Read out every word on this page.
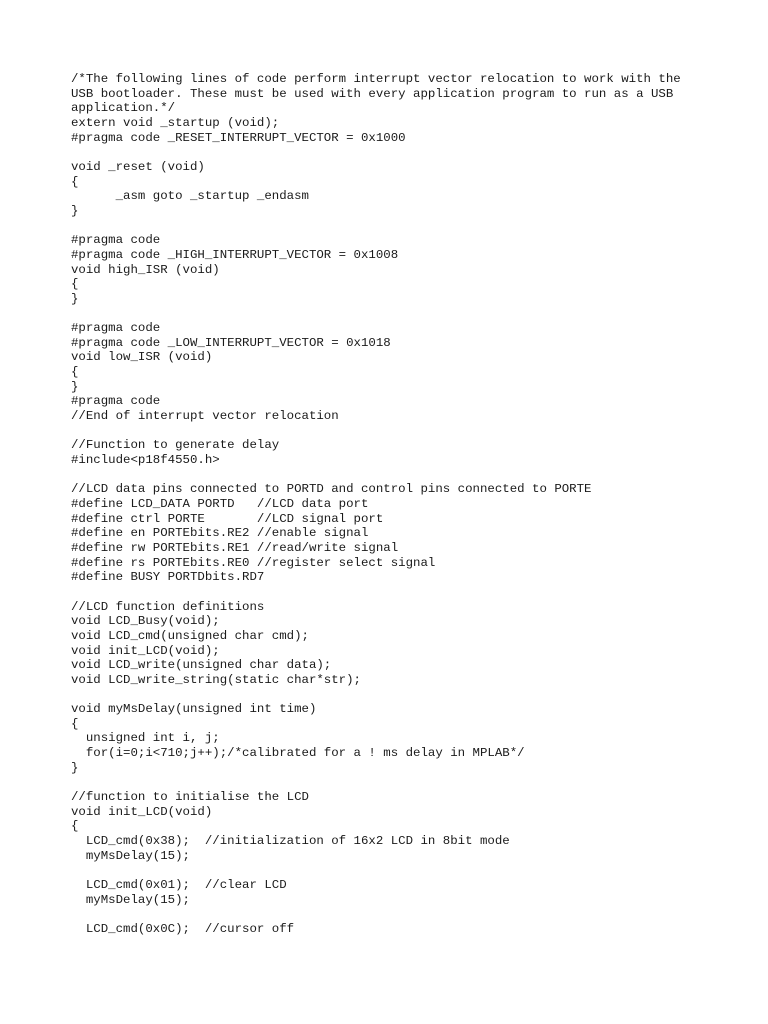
/*The following lines of code perform interrupt vector relocation to work with the
USB bootloader. These must be used with every application program to run as a USB
application.*/
extern void _startup (void);
#pragma code _RESET_INTERRUPT_VECTOR = 0x1000
void _reset (void)
{
_asm goto _startup _endasm
}
#pragma code
#pragma code _HIGH_INTERRUPT_VECTOR = 0x1008
void high_ISR (void)
{
}
#pragma code
#pragma code _LOW_INTERRUPT_VECTOR = 0x1018
void low_ISR (void)
{
}
#pragma code
//End of interrupt vector relocation
//Function to generate delay
#include<p18f4550.h>
//LCD data pins connected to PORTD and control pins connected to PORTE
#define LCD_DATA PORTD   //LCD data port
#define ctrl PORTE       //LCD signal port
#define en PORTEbits.RE2 //enable signal
#define rw PORTEbits.RE1 //read/write signal
#define rs PORTEbits.RE0 //register select signal
#define BUSY PORTDbits.RD7
//LCD function definitions
void LCD_Busy(void);
void LCD_cmd(unsigned char cmd);
void init_LCD(void);
void LCD_write(unsigned char data);
void LCD_write_string(static char*str);
void myMsDelay(unsigned int time)
{
unsigned int i, j;
for(i=0;i<710;j++);/*calibrated for a ! ms delay in MPLAB*/
}
//function to initialise the LCD
void init_LCD(void)
{
LCD_cmd(0x38);  //initialization of 16x2 LCD in 8bit mode
myMsDelay(15);
LCD_cmd(0x01);  //clear LCD
myMsDelay(15);
LCD_cmd(0x0C);  //cursor off
